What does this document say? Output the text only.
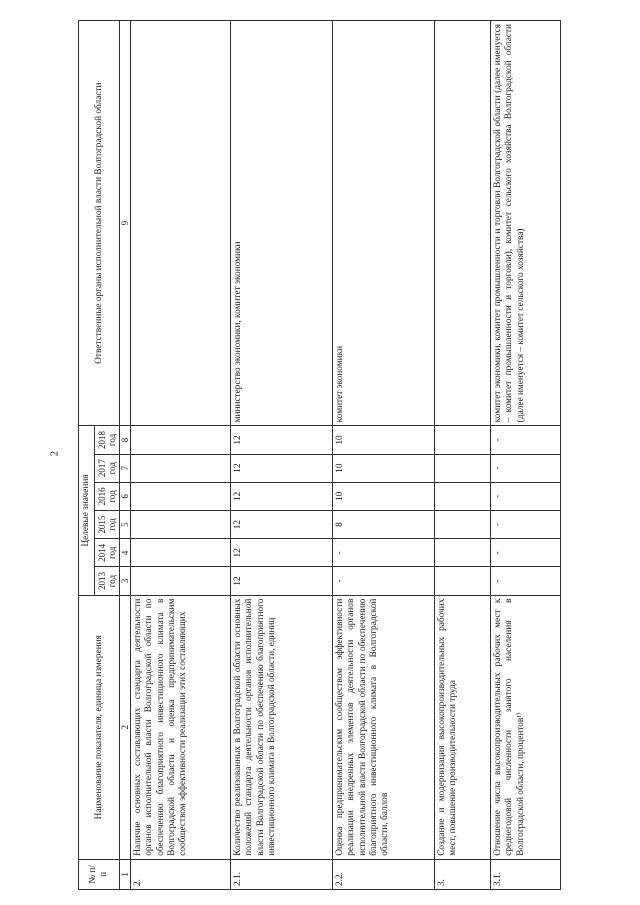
2
№ п/п	Наименование показателя, единица измерения	Целевые значения						Ответственные органы исполнительной власти Волгоградской области
		2013 год	2014 год	2015 год	2016 год	2017 год	2018 год	
1	2	3	4	5	6	7	8	9
2.	Наличие основных составляющих стандарта деятельности органов исполнительной власти Волгоградской области по обеспечению благоприятного инвестиционного климата в Волгоградской области и оценка предпринимательским сообществом эффективности реализации этих составляющих							
2.1.	Количество реализованных в Волгоградской области основных положений стандарта деятельности органов исполнительной власти Волгоградской области по обеспечению благоприятного инвестиционного климата в Волгоградской области, единиц	12	12	12	12	12	12	министерство экономики, комитет экономики
2.2.	Оценка предпринимательским сообществом эффективности реализации внедренных элементов деятельности органов исполнительной власти Волгоградской области по обеспечению благоприятного инвестиционного климата в Волгоградской области, баллов	-	-	8	10	10	10	комитет экономики
3.	Создание и модернизация высокопроизводительных рабочих мест, повышение производительности труда							
3.1.	Отношение числа высокопроизводительных рабочих мест к среднегодовой численности занятого населения в Волгоградской области, процентов¹⁾	-	-	-	-	-	-	комитет экономики, комитет промышленности и торговли Волгоградской области (далее именуется – комитет промышленности и торговли), комитет сельского хозяйства Волгоградской области (далее именуется – комитет сельского хозяйства)
